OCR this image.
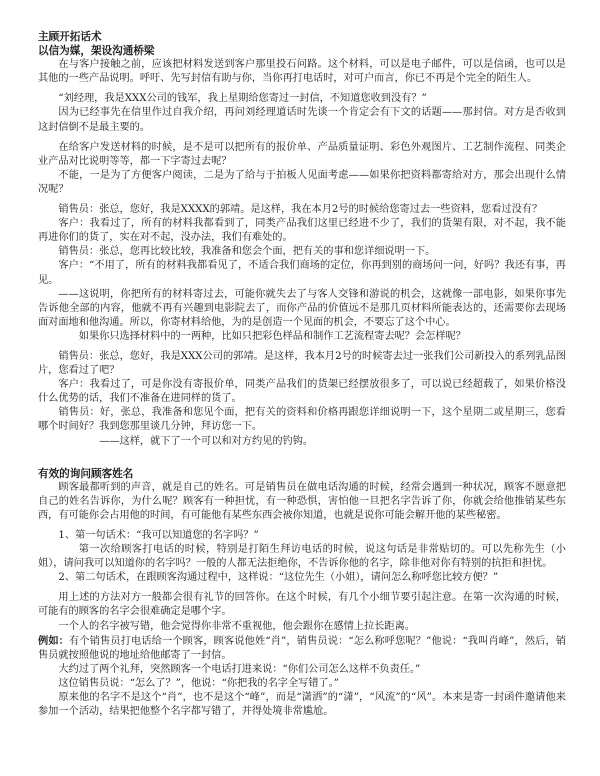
主顾开拓话术
以信为媒，架设沟通桥梁

在与客户接触之前，应该把材料发送到客户那里投石问路。这个材料，可以是电子邮件，可以是信函，也可以是其他的一些产品说明。呼吁、先写封信有助与你，当你再打电话时，对可户而言，你已不再是个完全的陌生人。

“刘经理，我是XXX公司的钱军，我上星期给您寄过一封信，不知道您收到没有？”

因为已经事先在信里作过自我介绍，再问刘经理道话时先谈一个肯定会有下文的话题——那封信。对方是否收到这封信倒不是最主要的。

在给客户发送材料的时候，是不是可以把所有的报价单、产品质量证明、彩色外观图片、工艺制作流程、同类企业产品对比说明等等，都一下字寄过去呢？

不能，一是为了方便客户阅读，二是为了给与于拍板人见面考虑——如果你把资料都寄给对方，那会出现什么情况呢？

销售员：张总，您好，我是XXXX的郭靖。是这样，我在本月2号的时候给您寄过去一些资料，您看过没有？

客户：我看过了，所有的材料我都看到了，同类产品我们这里已经进不少了，我们的货架有限，对不起，我不能再进你们的货了，实在对不起，没办法，我们有难处的。

销售员：张总，您再比较比较，我准备和您会个面，把有关的事和您详细说明一下。

客户：“不用了，所有的材料我都看见了，不适合我们商场的定位，你再到别的商场问一问，好吗？我还有事，再见。

——这说明，你把所有的材料寄过去，可能你就失去了与客人交锋和游说的机会，这就像一部电影，如果你事先告诉他全部的内容，他就不再有兴趣到电影院去了，而你产品的价值远不是那几页材料所能表达的，还需要你去现场面对面地和他沟通。所以，你寄材料给他，为的是创造一个见面的机会，不要忘了这个中心。

如果你只选择材料中的一两种，比如只把彩色样品和制作工艺流程寄去呢？会怎样呢？

销售员：张总，您好，我是XXX公司的郭靖。是这样，我本月2号的时候寄去过一张我们公司新投入的系列乳品图片，您看过了吧？

客户：我看过了，可是你没有寄报价单，同类产品我们的货架已经摆放很多了，可以说已经超载了，如果价格没什么优势的话，我们不准备在进同样的货了。

销售员：好，张总，我准备和您见个面，把有关的资料和价格再跟您详细说明一下，这个星期二或星期三，您看哪个时间好？我到您那里谈几分钟，拜访您一下。

——这样，就下了一个可以和对方约见的钓钩。

有效的询问顾客姓名

顾客最都听到的声音，就是自己的姓名。可是销售员在做电话沟通的时候，经常会遇到一种状况，顾客不愿意把自己的姓名告诉你，为什么呢？顾客有一种担忧，有一种恐惧，害怕他一旦把名字告诉了你，你就会给他推销某些东西，有可能你会占用他的时间，有可能他有某些东西会被你知道，也就是说你可能会解开他的某些秘密。

1、第一句话术：“我可以知道您的名字吗？”

第一次给顾客打电话的时候，特别是打陌生拜访电话的时候，说这句话是非常贴切的。可以先称先生（小姐），请问我可以知道你的名字吗？一般的人都无法拒绝你，不告诉你他的名字，除非他对你有特别的抗拒和担忧。

2、第二句话术，在跟顾客沟通过程中，这样说：“这位先生（小姐），请问怎么称呼您比较方便？”

用上述的方法对方一般都会很有礼节的回答你。在这个时候，有几个小细节要引起注意。在第一次沟通的时候，可能有的顾客的名字会很难确定是哪个字。

一个人的名字被写错，他会觉得你非常不重视他，他会跟你在感情上拉长距离。

例如：有个销售员打电话给一个顾客，顾客说他姓“肖”，销售员说：“怎么称呼您呢？”他说：“我叫肖峰”，然后，销售员就按照他说的地址给他邮寄了一封信。

大约过了两个礼拜，突然顾客一个电话打进来说：“你们公司怎么这样不负责任。”

这位销售员说：“怎么了？”，他说：“你把我的名字全写错了。”

原来他的名字不是这个“肖”，也不是这个“峰”，而是“潇洒”的“潇”，“风流”的“风”。本来是寄一封函件邀请他来参加一个活动，结果把他整个名字都写错了，并得处境非常尴尬。
